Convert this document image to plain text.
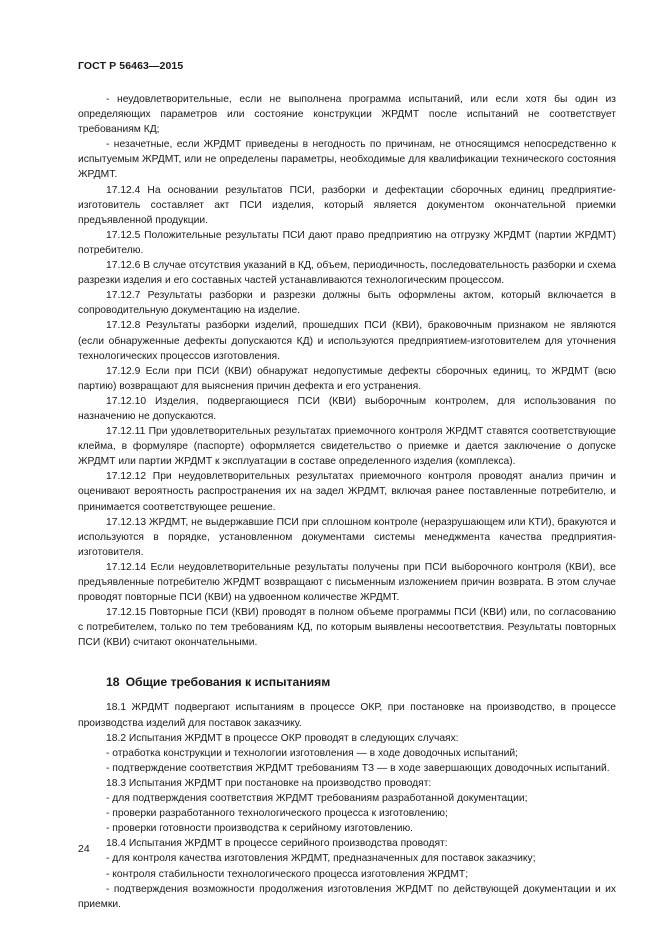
ГОСТ Р 56463—2015

- неудовлетворительные, если не выполнена программа испытаний, или если хотя бы один из определяющих параметров или состояние конструкции ЖРДМТ после испытаний не соответствует требованиям КД;

- незачетные, если ЖРДМТ приведены в негодность по причинам, не относящимся непосредственно к испытуемым ЖРДМТ, или не определены параметры, необходимые для квалификации технического состояния ЖРДМТ.

17.12.4 На основании результатов ПСИ, разборки и дефектации сборочных единиц предприятие-изготовитель составляет акт ПСИ изделия, который является документом окончательной приемки предъявленной продукции.

17.12.5 Положительные результаты ПСИ дают право предприятию на отгрузку ЖРДМТ (партии ЖРДМТ) потребителю.

17.12.6 В случае отсутствия указаний в КД, объем, периодичность, последовательность разборки и схема разрезки изделия и его составных частей устанавливаются технологическим процессом.

17.12.7 Результаты разборки и разрезки должны быть оформлены актом, который включается в сопроводительную документацию на изделие.

17.12.8 Результаты разборки изделий, прошедших ПСИ (КВИ), браковочным признаком не являются (если обнаруженные дефекты допускаются КД) и используются предприятием-изготовителем для уточнения технологических процессов изготовления.

17.12.9 Если при ПСИ (КВИ) обнаружат недопустимые дефекты сборочных единиц, то ЖРДМТ (всю партию) возвращают для выяснения причин дефекта и его устранения.

17.12.10 Изделия, подвергающиеся ПСИ (КВИ) выборочным контролем, для использования по назначению не допускаются.

17.12.11 При удовлетворительных результатах приемочного контроля ЖРДМТ ставятся соответствующие клейма, в формуляре (паспорте) оформляется свидетельство о приемке и дается заключение о допуске ЖРДМТ или партии ЖРДМТ к эксплуатации в составе определенного изделия (комплекса).

17.12.12 При неудовлетворительных результатах приемочного контроля проводят анализ причин и оценивают вероятность распространения их на задел ЖРДМТ, включая ранее поставленные потребителю, и принимается соответствующее решение.

17.12.13 ЖРДМТ, не выдержавшие ПСИ при сплошном контроле (неразрушающем или КТИ), бракуются и используются в порядке, установленном документами системы менеджмента качества предприятия-изготовителя.

17.12.14 Если неудовлетворительные результаты получены при ПСИ выборочного контроля (КВИ), все предъявленные потребителю ЖРДМТ возвращают с письменным изложением причин возврата. В этом случае проводят повторные ПСИ (КВИ) на удвоенном количестве ЖРДМТ.

17.12.15 Повторные ПСИ (КВИ) проводят в полном объеме программы ПСИ (КВИ) или, по согласованию с потребителем, только по тем требованиям КД, по которым выявлены несоответствия. Результаты повторных ПСИ (КВИ) считают окончательными.

18 Общие требования к испытаниям

18.1 ЖРДМТ подвергают испытаниям в процессе ОКР, при постановке на производство, в процессе производства изделий для поставок заказчику.

18.2 Испытания ЖРДМТ в процессе ОКР проводят в следующих случаях:

- отработка конструкции и технологии изготовления — в ходе доводочных испытаний;

- подтверждение соответствия ЖРДМТ требованиям ТЗ — в ходе завершающих доводочных испытаний.

18.3 Испытания ЖРДМТ при постановке на производство проводят:

- для подтверждения соответствия ЖРДМТ требованиям разработанной документации;

- проверки разработанного технологического процесса к изготовлению;

- проверки готовности производства к серийному изготовлению.

18.4 Испытания ЖРДМТ в процессе серийного производства проводят:

- для контроля качества изготовления ЖРДМТ, предназначенных для поставок заказчику;

- контроля стабильности технологического процесса изготовления ЖРДМТ;

- подтверждения возможности продолжения изготовления ЖРДМТ по действующей документации и их приемки.

24
